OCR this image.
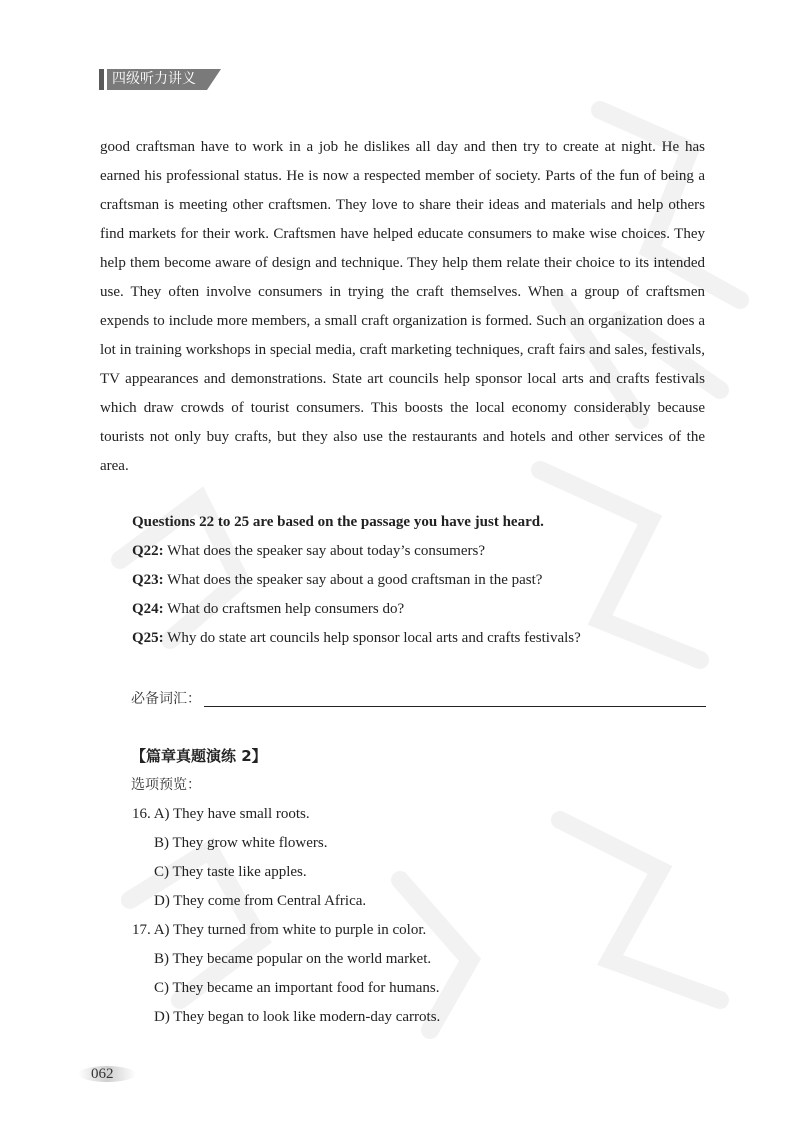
四级听力讲义

good craftsman have to work in a job he dislikes all day and then try to create at night. He has earned his professional status. He is now a respected member of society. Parts of the fun of being a craftsman is meeting other craftsmen. They love to share their ideas and materials and help others find markets for their work. Craftsmen have helped educate consumers to make wise choices. They help them become aware of design and technique. They help them relate their choice to its intended use. They often involve consumers in trying the craft themselves. When a group of craftsmen expends to include more members, a small craft organization is formed. Such an organization does a lot in training workshops in special media, craft marketing techniques, craft fairs and sales, festivals, TV appearances and demonstrations. State art councils help sponsor local arts and crafts festivals which draw crowds of tourist consumers. This boosts the local economy considerably because tourists not only buy crafts, but they also use the restaurants and hotels and other services of the area.

Questions 22 to 25 are based on the passage you have just heard.

Q22: What does the speaker say about today’s consumers?

Q23: What does the speaker say about a good craftsman in the past?

Q24: What do craftsmen help consumers do?

Q25: Why do state art councils help sponsor local arts and crafts festivals?

必备词汇：
【篇章真题演练 2】
选项预览：

16. A) They have small roots.

B) They grow white flowers.

C) They taste like apples.

D) They come from Central Africa.

17. A) They turned from white to purple in color.

B) They became popular on the world market.

C) They became an important food for humans.

D) They began to look like modern-day carrots.

062
